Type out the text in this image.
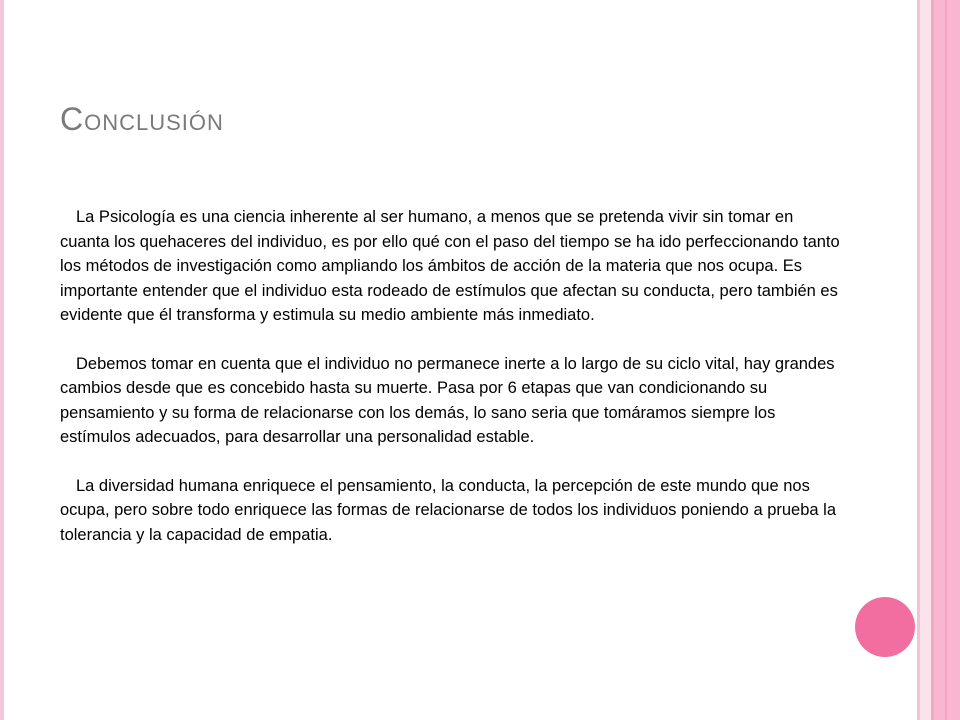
Conclusión

La Psicología es una ciencia inherente al ser humano, a menos que se pretenda vivir sin tomar en cuanta los quehaceres del individuo, es por ello qué con el paso del tiempo se ha ido perfeccionando tanto los métodos de investigación como ampliando los ámbitos de acción de la materia que nos ocupa. Es importante entender que el individuo esta rodeado de estímulos que afectan su conducta, pero también es evidente que él transforma y estimula su medio ambiente más inmediato.

Debemos tomar en cuenta que el individuo no permanece inerte a lo largo de su ciclo vital, hay grandes cambios desde que es concebido hasta su muerte. Pasa por 6 etapas que van condicionando su pensamiento y su forma de relacionarse con los demás, lo sano seria que tomáramos siempre los estímulos adecuados, para desarrollar una personalidad estable.

La diversidad humana enriquece el pensamiento, la conducta, la percepción de este mundo que nos ocupa, pero sobre todo enriquece las formas de relacionarse de todos los individuos poniendo a prueba la tolerancia y la capacidad de empatia.
